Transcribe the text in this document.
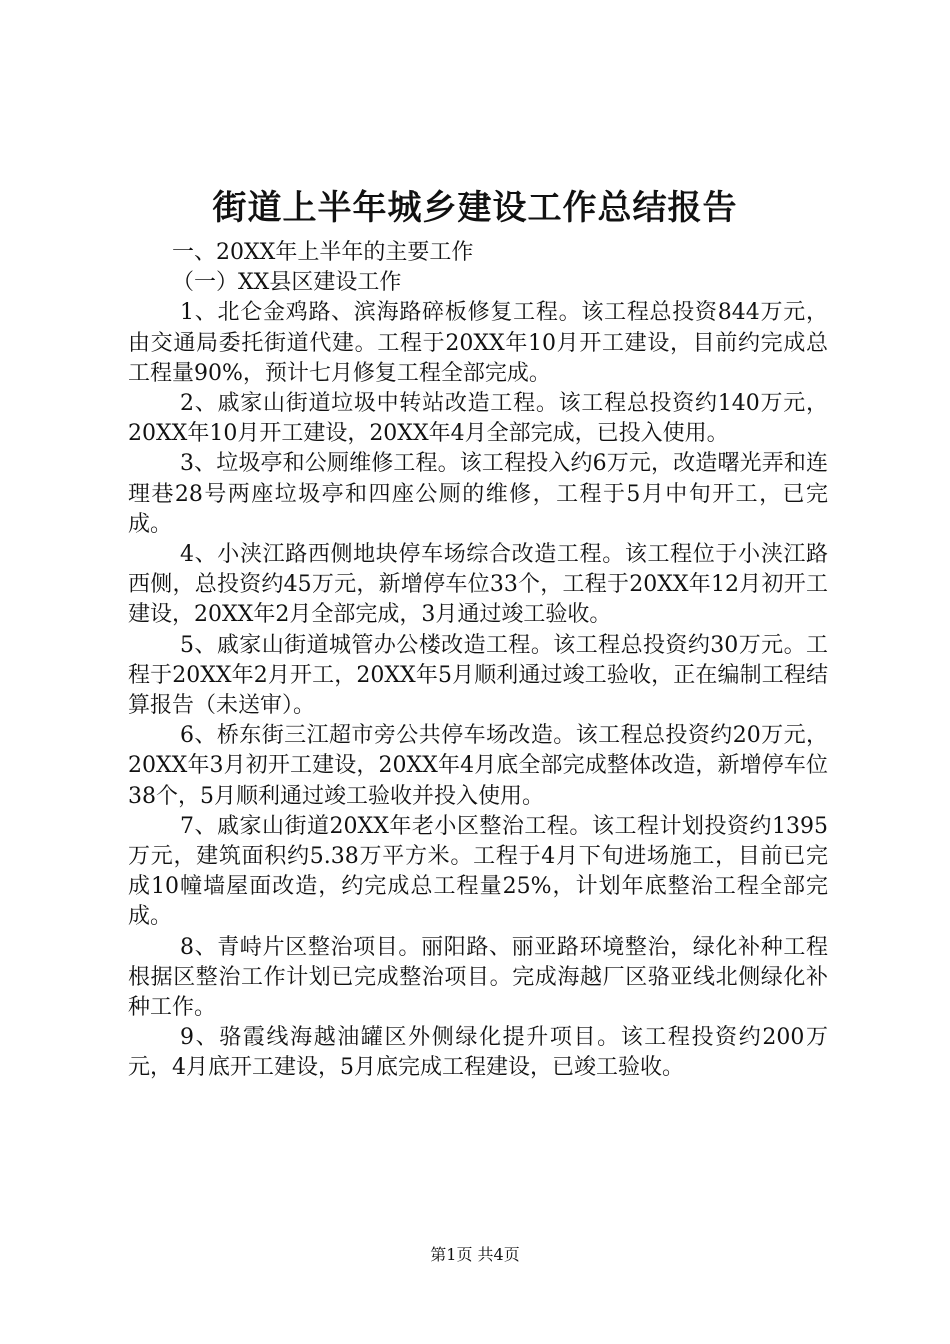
街道上半年城乡建设工作总结报告

一、20XX年上半年的主要工作

（一）XX县区建设工作

1、北仑金鸡路、滨海路碎板修复工程。该工程总投资844万元，由交通局委托街道代建。工程于20XX年10月开工建设，目前约完成总工程量90%，预计七月修复工程全部完成。

2、戚家山街道垃圾中转站改造工程。该工程总投资约140万元，20XX年10月开工建设，20XX年4月全部完成，已投入使用。

3、垃圾亭和公厕维修工程。该工程投入约6万元，改造曙光弄和连理巷28号两座垃圾亭和四座公厕的维修，工程于5月中旬开工，已完成。

4、小浃江路西侧地块停车场综合改造工程。该工程位于小浃江路西侧，总投资约45万元，新增停车位33个，工程于20XX年12月初开工建设，20XX年2月全部完成，3月通过竣工验收。

5、戚家山街道城管办公楼改造工程。该工程总投资约30万元。工程于20XX年2月开工，20XX年5月顺利通过竣工验收，正在编制工程结算报告（未送审）。

6、桥东街三江超市旁公共停车场改造。该工程总投资约20万元，20XX年3月初开工建设，20XX年4月底全部完成整体改造，新增停车位38个，5月顺利通过竣工验收并投入使用。

7、戚家山街道20XX年老小区整治工程。该工程计划投资约1395万元，建筑面积约5.38万平方米。工程于4月下旬进场施工，目前已完成10幢墙屋面改造，约完成总工程量25%，计划年底整治工程全部完成。

8、青峙片区整治项目。丽阳路、丽亚路环境整治，绿化补种工程根据区整治工作计划已完成整治项目。完成海越厂区骆亚线北侧绿化补种工作。

9、骆霞线海越油罐区外侧绿化提升项目。该工程投资约200万元，4月底开工建设，5月底完成工程建设，已竣工验收。

第1页 共4页
